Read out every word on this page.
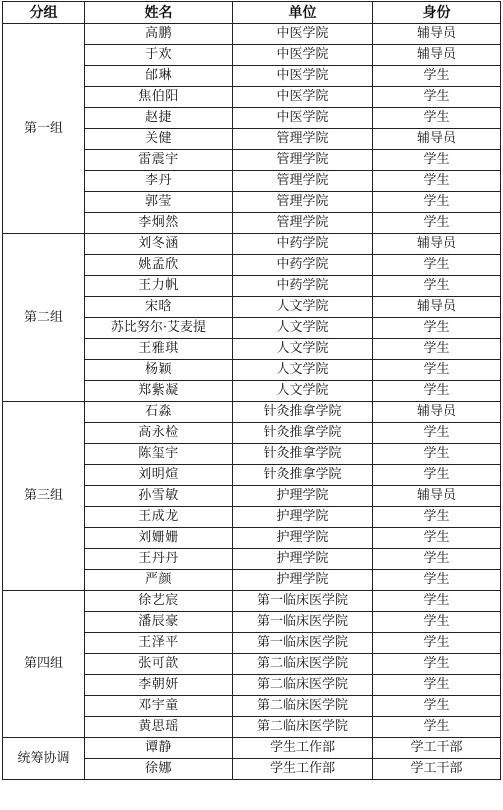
分组	姓名	单位	身份
第一组	高鹏	中医学院	辅导员
	于欢	中医学院	辅导员
	邰琳	中医学院	学生
	焦伯阳	中医学院	学生
	赵捷	中医学院	学生
	关健	管理学院	辅导员
	雷震宇	管理学院	学生
	李丹	管理学院	学生
	郭莹	管理学院	学生
	李炯然	管理学院	学生
第二组	刘冬涵	中药学院	辅导员
	姚孟欣	中药学院	学生
	王力帆	中药学院	学生
	宋晗	人文学院	辅导员
	苏比努尔·艾麦提	人文学院	学生
	王雅琪	人文学院	学生
	杨颖	人文学院	学生
	郑紫凝	人文学院	学生
第三组	石淼	针灸推拿学院	辅导员
	高永检	针灸推拿学院	学生
	陈玺宇	针灸推拿学院	学生
	刘明煊	针灸推拿学院	学生
	孙雪敏	护理学院	辅导员
	王成龙	护理学院	学生
	刘姗姗	护理学院	学生
	王丹丹	护理学院	学生
	严颜	护理学院	学生
第四组	徐艺宸	第一临床医学院	学生
	潘辰豪	第一临床医学院	学生
	王泽平	第一临床医学院	学生
	张可歆	第二临床医学院	学生
	李朝妍	第二临床医学院	学生
	邓宇童	第二临床医学院	学生
	黄思瑶	第二临床医学院	学生
统筹协调	谭静	学生工作部	学工干部
	徐娜	学生工作部	学工干部
